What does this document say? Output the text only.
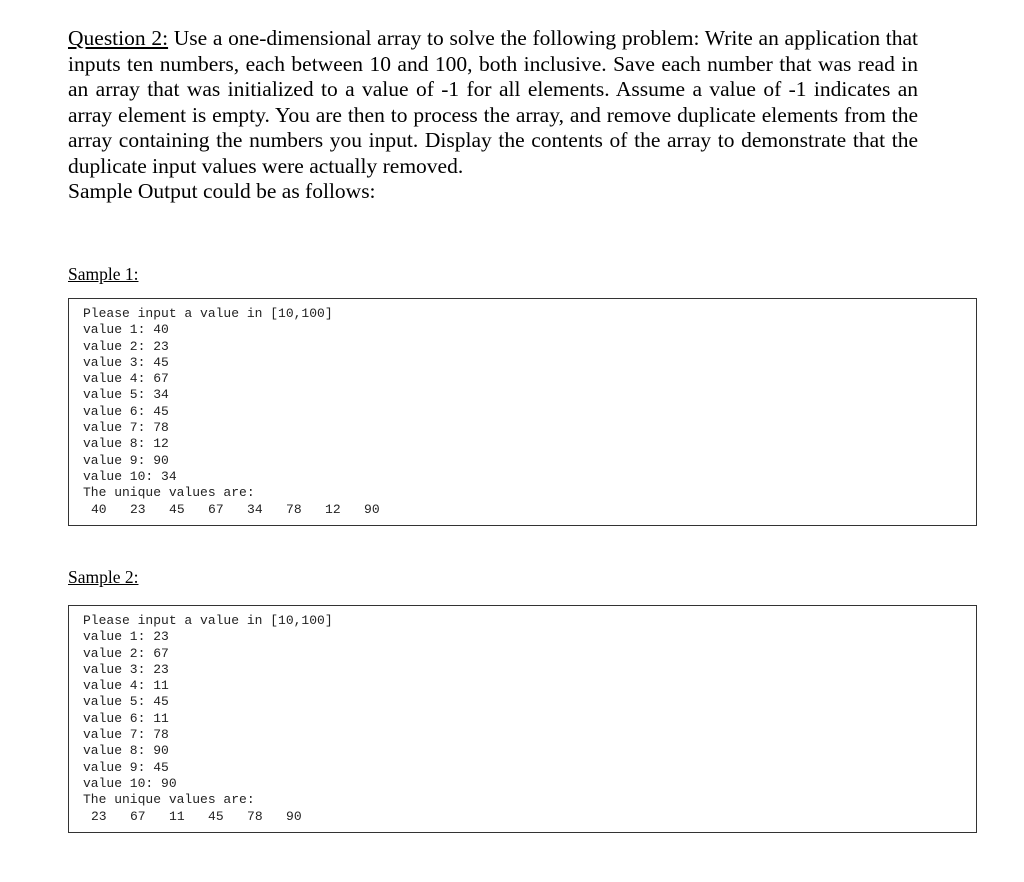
Question 2: Use a one-dimensional array to solve the following problem: Write an application that inputs ten numbers, each between 10 and 100, both inclusive. Save each number that was read in an array that was initialized to a value of -1 for all elements. Assume a value of -1 indicates an array element is empty. You are then to process the array, and remove duplicate elements from the array containing the numbers you input. Display the contents of the array to demonstrate that the duplicate input values were actually removed.
Sample Output could be as follows:
Sample 1:
Please input a value in [10,100]
value 1: 40
value 2: 23
value 3: 45
value 4: 67
value 5: 34
value 6: 45
value 7: 78
value 8: 12
value 9: 90
value 10: 34
The unique values are:
40   23   45   67   34   78   12   90
Sample 2:
Please input a value in [10,100]
value 1: 23
value 2: 67
value 3: 23
value 4: 11
value 5: 45
value 6: 11
value 7: 78
value 8: 90
value 9: 45
value 10: 90
The unique values are:
23   67   11   45   78   90
